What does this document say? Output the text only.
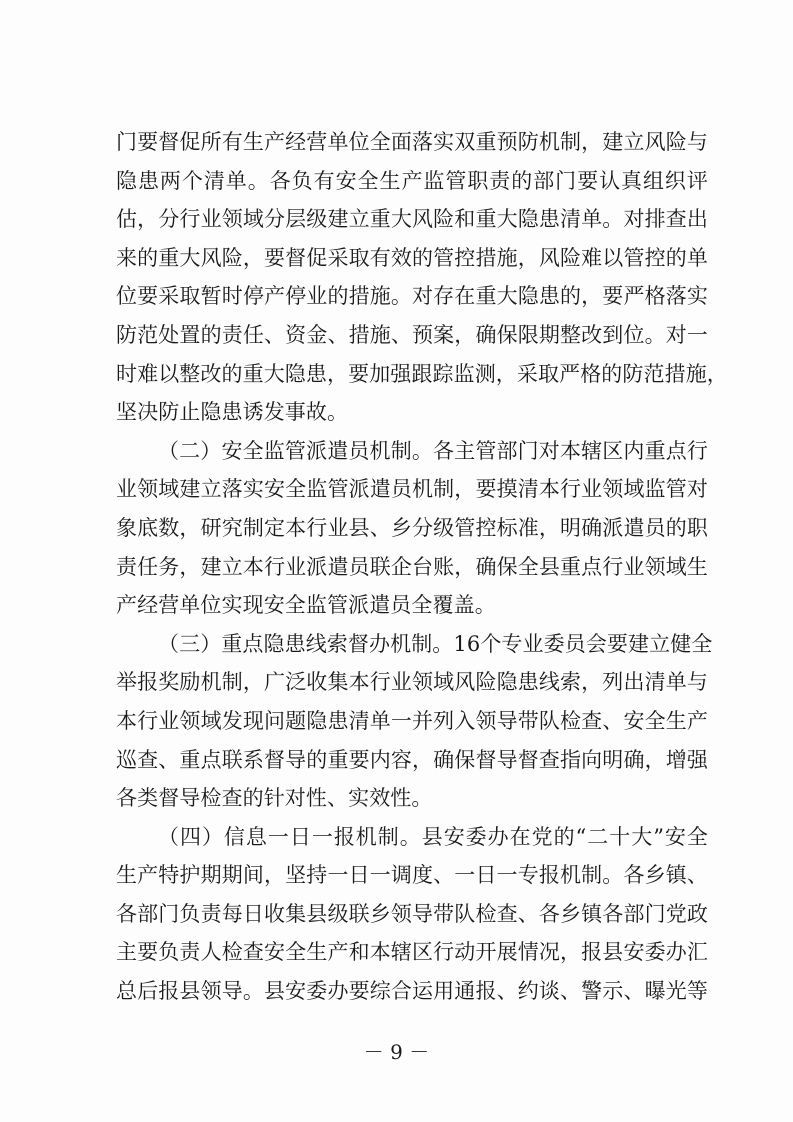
门要督促所有生产经营单位全面落实双重预防机制，建立风险与
隐患两个清单。各负有安全生产监管职责的部门要认真组织评
估，分行业领域分层级建立重大风险和重大隐患清单。对排查出
来的重大风险，要督促采取有效的管控措施，风险难以管控的单
位要采取暂时停产停业的措施。对存在重大隐患的，要严格落实
防范处置的责任、资金、措施、预案，确保限期整改到位。对一
时难以整改的重大隐患，要加强跟踪监测，采取严格的防范措施，
坚决防止隐患诱发事故。
（二）安全监管派遣员机制。各主管部门对本辖区内重点行
业领域建立落实安全监管派遣员机制，要摸清本行业领域监管对
象底数，研究制定本行业县、乡分级管控标准，明确派遣员的职
责任务，建立本行业派遣员联企台账，确保全县重点行业领域生
产经营单位实现安全监管派遣员全覆盖。
（三）重点隐患线索督办机制。16个专业委员会要建立健全
举报奖励机制，广泛收集本行业领域风险隐患线索，列出清单与
本行业领域发现问题隐患清单一并列入领导带队检查、安全生产
巡查、重点联系督导的重要内容，确保督导督查指向明确，增强
各类督导检查的针对性、实效性。
（四）信息一日一报机制。县安委办在党的“二十大”安全
生产特护期期间，坚持一日一调度、一日一专报机制。各乡镇、
各部门负责每日收集县级联乡领导带队检查、各乡镇各部门党政
主要负责人检查安全生产和本辖区行动开展情况，报县安委办汇
总后报县领导。县安委办要综合运用通报、约谈、警示、曝光等
－ 9 －
